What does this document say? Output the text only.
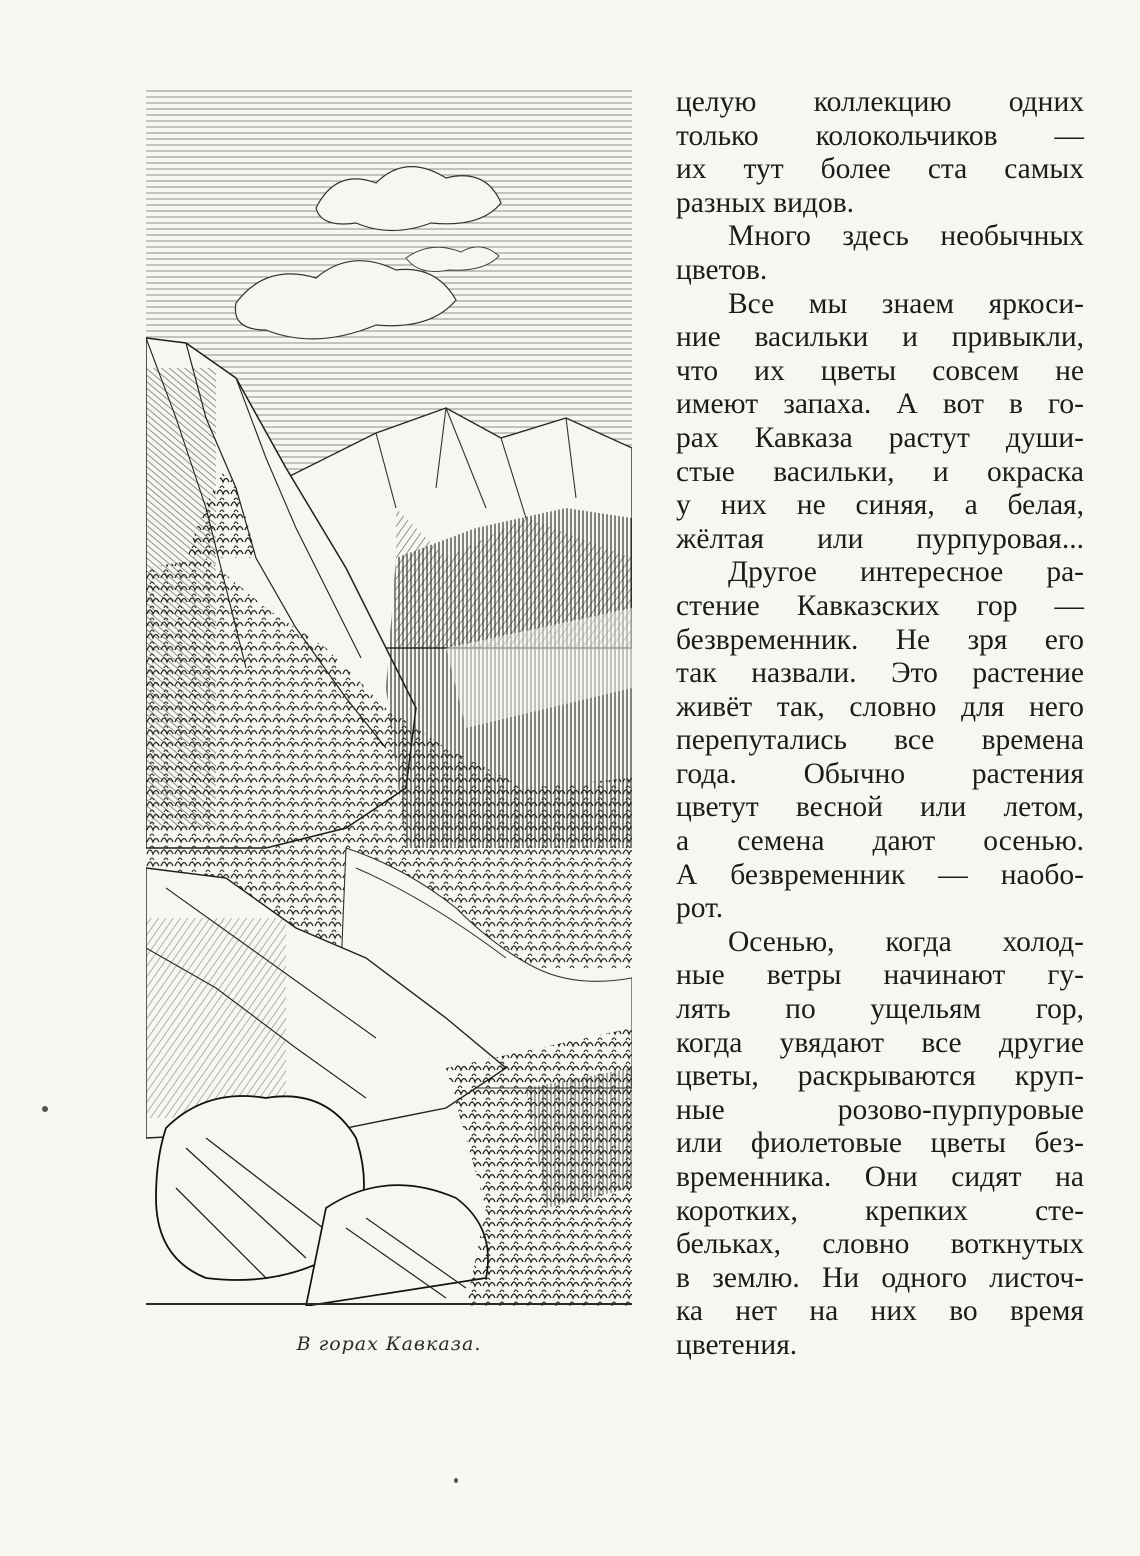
В горах Кавказа.
целую коллекцию одних
только колокольчиков —
их тут более ста самых
разных видов.
Много здесь необычных
цветов.
Все мы знаем яркоси-
ние васильки и привыкли,
что их цветы совсем не
имеют запаха. А вот в го-
рах Кавказа растут души-
стые васильки, и окраска
у них не синяя, а белая,
жёлтая или пурпуровая...
Другое интересное ра-
стение Кавказских гор —
безвременник. Не зря его
так назвали. Это растение
живёт так, словно для него
перепутались все времена
года. Обычно растения
цветут весной или летом,
а семена дают осенью.
А безвременник — наобо-
рот.
Осенью, когда холод-
ные ветры начинают гу-
лять по ущельям гор,
когда увядают все другие
цветы, раскрываются круп-
ные розово-пурпуровые
или фиолетовые цветы без-
временника. Они сидят на
коротких, крепких сте-
бельках, словно воткнутых
в землю. Ни одного листоч-
ка нет на них во время
цветения.
